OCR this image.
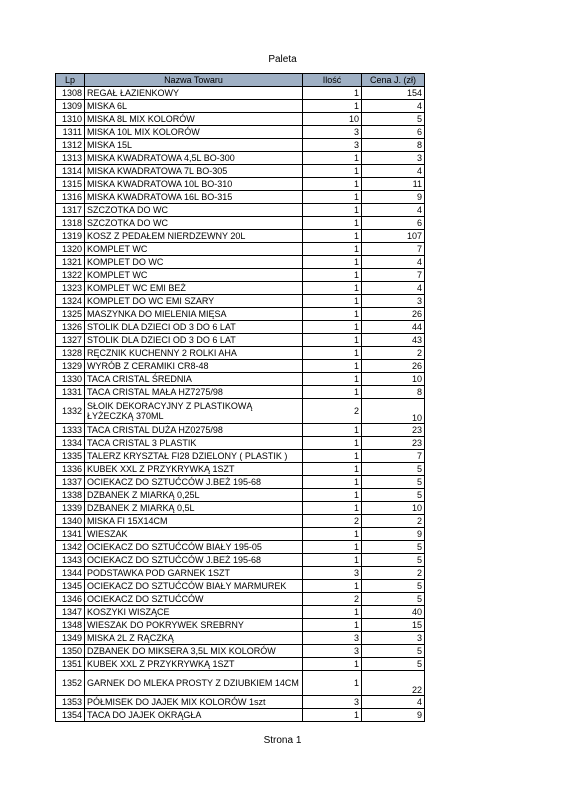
Paleta
Lp	Nazwa Towaru	Ilość	Cena J. (zł)
1308	REGAŁ ŁAZIENKOWY	1	154
1309	MISKA 6L	1	4
1310	MISKA 8L MIX KOLORÓW	10	5
1311	MISKA 10L MIX KOLORÓW	3	6
1312	MISKA 15L	3	8
1313	MISKA KWADRATOWA 4,5L BO-300	1	3
1314	MISKA KWADRATOWA 7L BO-305	1	4
1315	MISKA KWADRATOWA 10L BO-310	1	11
1316	MISKA KWADRATOWA 16L BO-315	1	9
1317	SZCZOTKA DO WC	1	4
1318	SZCZOTKA DO WC	1	6
1319	KOSZ Z PEDAŁEM NIERDZEWNY 20L	1	107
1320	KOMPLET WC	1	7
1321	KOMPLET DO WC	1	4
1322	KOMPLET WC	1	7
1323	KOMPLET WC EMI BEŻ	1	4
1324	KOMPLET DO WC EMI SZARY	1	3
1325	MASZYNKA DO MIELENIA MIĘSA	1	26
1326	STOLIK DLA DZIECI OD 3 DO 6 LAT	1	44
1327	STOLIK DLA DZIECI OD 3 DO 6 LAT	1	43
1328	RĘCZNIK KUCHENNY 2 ROLKI AHA	1	2
1329	WYRÓB Z CERAMIKI CR8-48	1	26
1330	TACA CRISTAL ŚREDNIA	1	10
1331	TACA CRISTAL MAŁA HZ7275/98	1	8
1332	SŁOIK DEKORACYJNY Z PLASTIKOWĄ ŁYŻECZKĄ 370ML	2	10
1333	TACA CRISTAL DUŻA HZ0275/98	1	23
1334	TACA CRISTAL 3 PLASTIK	1	23
1335	TALERZ KRYSZTAŁ FI28 DZIELONY ( PLASTIK )	1	7
1336	KUBEK XXL Z PRZYKRYWKĄ 1SZT	1	5
1337	OCIEKACZ DO SZTUĆCÓW J.BEŻ 195-68	1	5
1338	DZBANEK Z MIARKĄ 0,25L	1	5
1339	DZBANEK Z MIARKĄ 0,5L	1	10
1340	MISKA FI 15X14CM	2	2
1341	WIESZAK	1	9
1342	OCIEKACZ DO SZTUĆCÓW BIAŁY 195-05	1	5
1343	OCIEKACZ DO SZTUĆCÓW J.BEŻ 195-68	1	5
1344	PODSTAWKA POD GARNEK 1SZT	3	2
1345	OCIEKACZ DO SZTUĆCÓW BIAŁY MARMUREK	1	5
1346	OCIEKACZ DO SZTUĆCÓW	2	5
1347	KOSZYKI WISZĄCE	1	40
1348	WIESZAK DO POKRYWEK SREBRNY	1	15
1349	MISKA 2L Z RĄCZKĄ	3	3
1350	DZBANEK DO MIKSERA 3,5L MIX KOLORÓW	3	5
1351	KUBEK XXL Z PRZYKRYWKĄ 1SZT	1	5
1352	GARNEK DO MLEKA PROSTY Z DZIUBKIEM 14CM	1	22
1353	PÓŁMISEK DO JAJEK MIX KOLORÓW 1szt	3	4
1354	TACA DO JAJEK OKRĄGŁA	1	9
Strona 1
